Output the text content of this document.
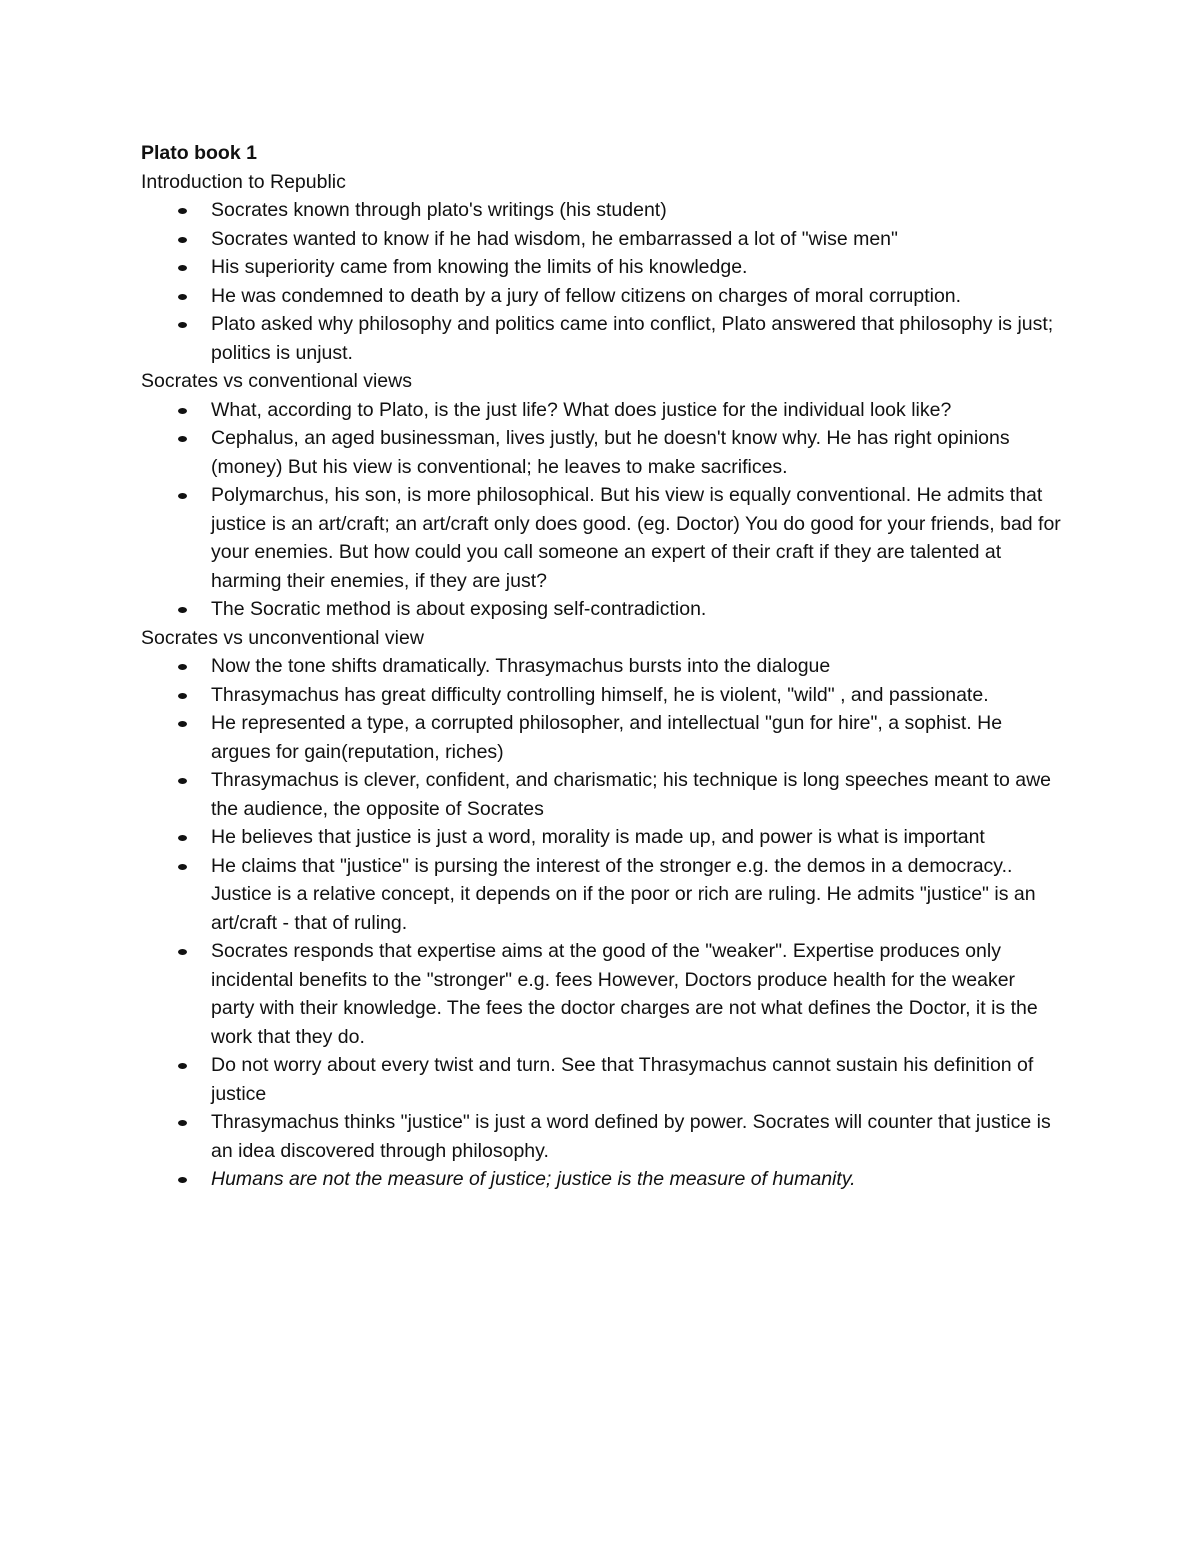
Plato book 1

Introduction to Republic

Socrates known through plato's writings (his student)
Socrates wanted to know if he had wisdom, he embarrassed a lot of "wise men"
His superiority came from knowing the limits of his knowledge.
He was condemned to death by a jury of fellow citizens on charges of moral corruption.
Plato asked why philosophy and politics came into conflict, Plato answered that philosophy is just; politics is unjust.

Socrates vs conventional views

What, according to Plato, is the just life? What does justice for the individual look like?
Cephalus, an aged businessman, lives justly, but he doesn't know why. He has right opinions (money) But his view is conventional; he leaves to make sacrifices.
Polymarchus, his son, is more philosophical. But his view is equally conventional. He admits that justice is an art/craft; an art/craft only does good. (eg. Doctor) You do good for your friends, bad for your enemies. But how could you call someone an expert of their craft if they are talented at harming their enemies, if they are just?
The Socratic method is about exposing self-contradiction.

Socrates vs unconventional view

Now the tone shifts dramatically. Thrasymachus bursts into the dialogue
Thrasymachus has great difficulty controlling himself, he is violent, "wild" , and passionate.
He represented a type, a corrupted philosopher, and intellectual "gun for hire", a sophist. He argues for gain(reputation, riches)
Thrasymachus is clever, confident, and charismatic; his technique is long speeches meant to awe the audience, the opposite of Socrates
He believes that justice is just a word, morality is made up, and power is what is important
He claims that "justice" is pursing the interest of the stronger e.g. the demos in a democracy.. Justice is a relative concept, it depends on if the poor or rich are ruling. He admits "justice" is an art/craft - that of ruling.
Socrates responds that expertise aims at the good of the "weaker". Expertise produces only incidental benefits to the "stronger" e.g. fees However, Doctors produce health for the weaker party with their knowledge. The fees the doctor charges are not what defines the Doctor, it is the work that they do.
Do not worry about every twist and turn. See that Thrasymachus cannot sustain his definition of justice
Thrasymachus thinks "justice" is just a word defined by power. Socrates will counter that justice is an idea discovered through philosophy.
Humans are not the measure of justice; justice is the measure of humanity.
